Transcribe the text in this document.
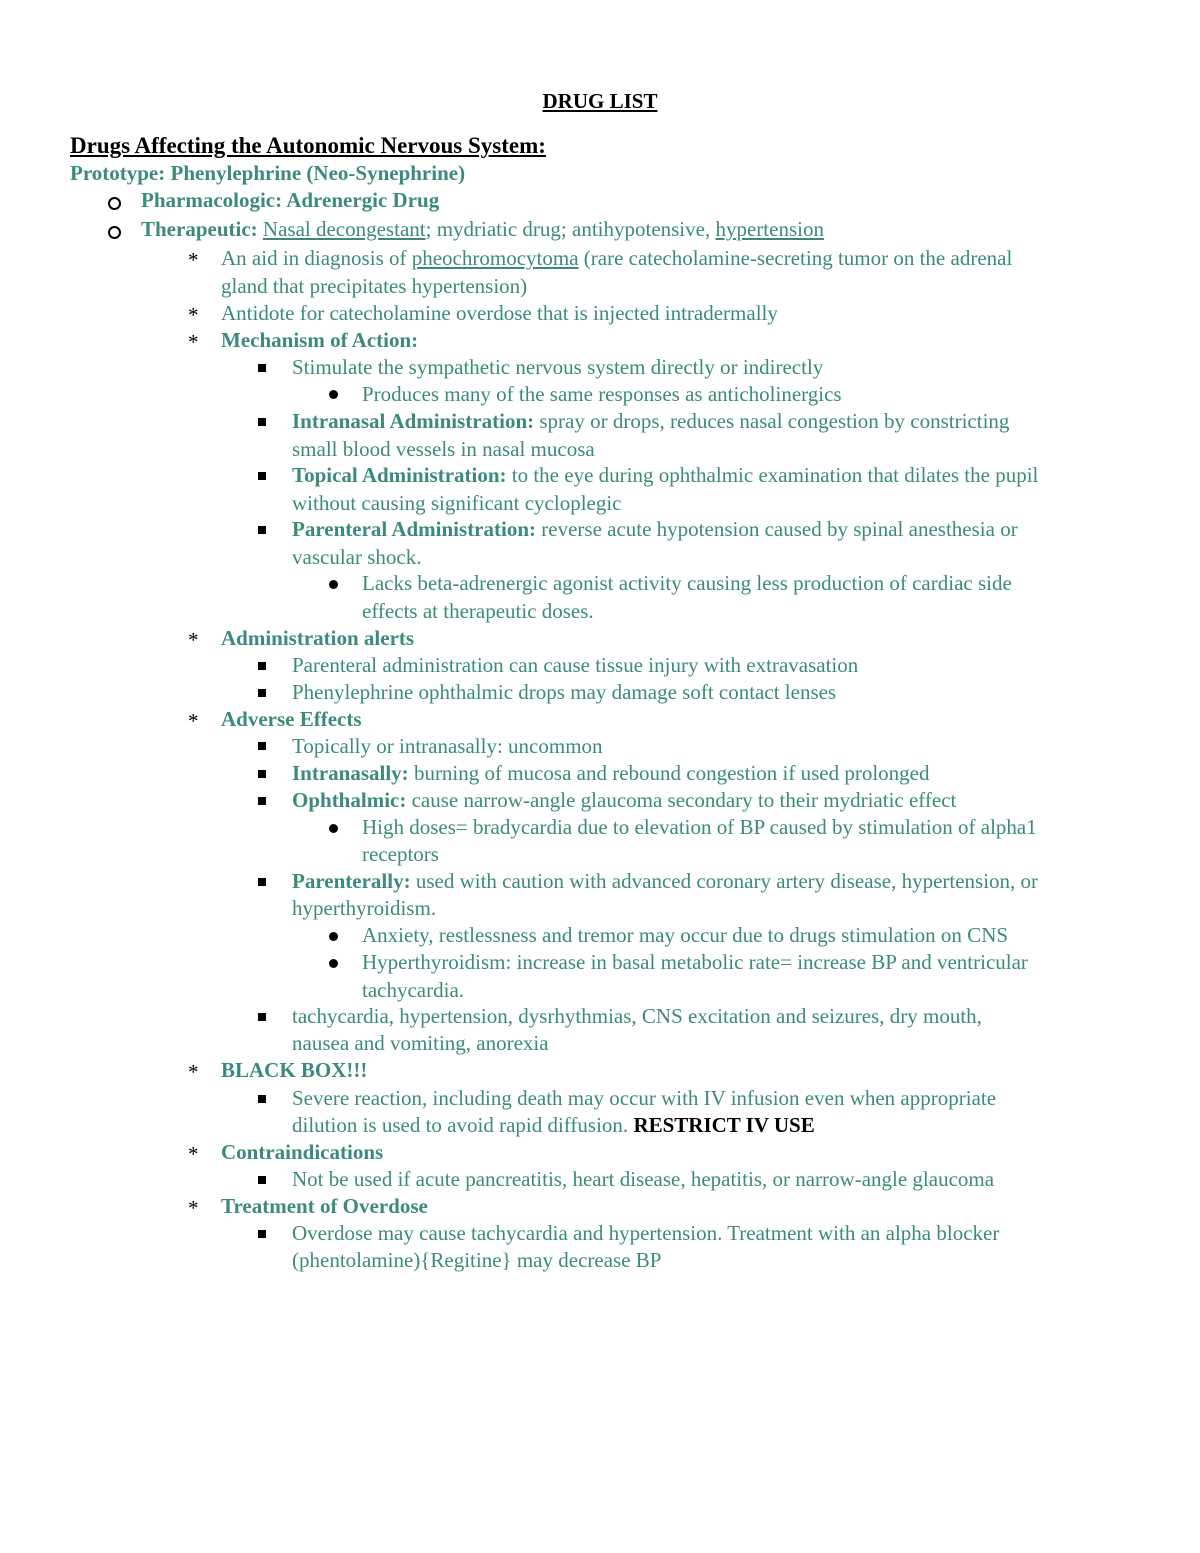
DRUG LIST
Drugs Affecting the Autonomic Nervous System:
Prototype: Phenylephrine (Neo-Synephrine)
Pharmacologic: Adrenergic Drug
Therapeutic: Nasal decongestant; mydriatic drug; antihypotensive, hypertension
* An aid in diagnosis of pheochromocytoma (rare catecholamine-secreting tumor on the adrenal
gland that precipitates hypertension)
* Antidote for catecholamine overdose that is injected intradermally
* Mechanism of Action:
Stimulate the sympathetic nervous system directly or indirectly
Produces many of the same responses as anticholinergics
Intranasal Administration: spray or drops, reduces nasal congestion by constricting
small blood vessels in nasal mucosa
Topical Administration: to the eye during ophthalmic examination that dilates the pupil
without causing significant cycloplegic
Parenteral Administration: reverse acute hypotension caused by spinal anesthesia or
vascular shock.
Lacks beta-adrenergic agonist activity causing less production of cardiac side
effects at therapeutic doses.
* Administration alerts
Parenteral administration can cause tissue injury with extravasation
Phenylephrine ophthalmic drops may damage soft contact lenses
* Adverse Effects
Topically or intranasally: uncommon
Intranasally: burning of mucosa and rebound congestion if used prolonged
Ophthalmic: cause narrow-angle glaucoma secondary to their mydriatic effect
High doses= bradycardia due to elevation of BP caused by stimulation of alpha1
receptors
Parenterally: used with caution with advanced coronary artery disease, hypertension, or
hyperthyroidism.
Anxiety, restlessness and tremor may occur due to drugs stimulation on CNS
Hyperthyroidism: increase in basal metabolic rate= increase BP and ventricular
tachycardia.
tachycardia, hypertension, dysrhythmias, CNS excitation and seizures, dry mouth,
nausea and vomiting, anorexia
* BLACK BOX!!!
Severe reaction, including death may occur with IV infusion even when appropriate
dilution is used to avoid rapid diffusion. RESTRICT IV USE
* Contraindications
Not be used if acute pancreatitis, heart disease, hepatitis, or narrow-angle glaucoma
* Treatment of Overdose
Overdose may cause tachycardia and hypertension. Treatment with an alpha blocker
(phentolamine){Regitine} may decrease BP
